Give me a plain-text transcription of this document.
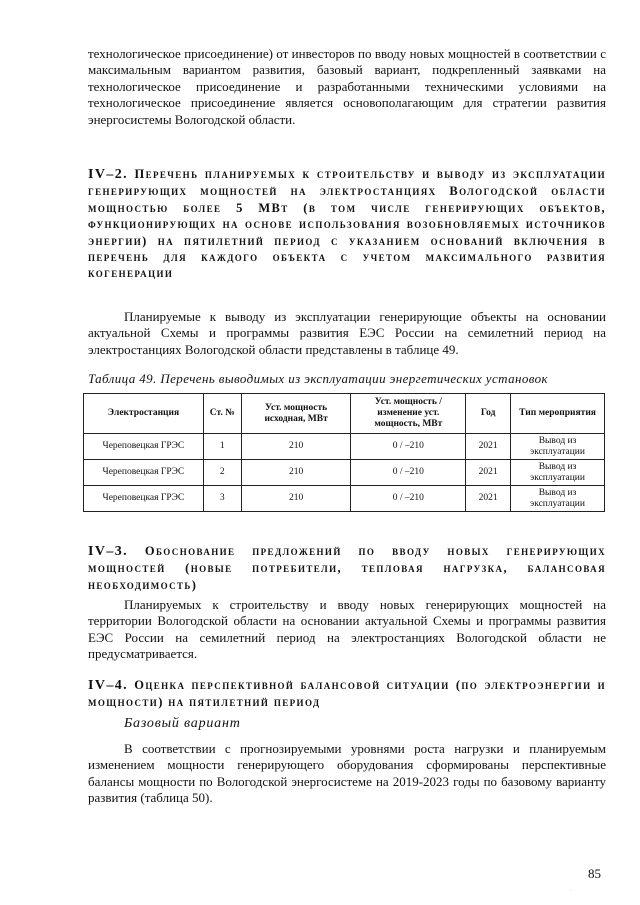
технологическое присоединение) от инвесторов по вводу новых мощностей в соответствии с максимальным вариантом развития, базовый вариант, подкрепленный заявками на технологическое присоединение и разработанными техническими условиями на технологическое присоединение является основополагающим для стратегии развития энергосистемы Вологодской области.

IV–2. Перечень планируемых к строительству и выводу из эксплуатации генерирующих мощностей на электростанциях Вологодской области мощностью более 5 МВт (в том числе генерирующих объектов, функционирующих на основе использования возобновляемых источников энергии) на пятилетний период с указанием оснований включения в перечень для каждого объекта с учетом максимального развития когенерации

Планируемые к выводу из эксплуатации генерирующие объекты на основании актуальной Схемы и программы развития ЕЭС России на семилетний период на электростанциях Вологодской области представлены в таблице 49.

Таблица 49. Перечень выводимых из эксплуатации энергетических установок

Электростанция	Ст. №	Уст. мощность исходная, МВт	Уст. мощность / изменение уст. мощность, МВт	Год	Тип мероприятия
Череповецкая ГРЭС	1	210	0 / –210	2021	Вывод из эксплуатации
Череповецкая ГРЭС	2	210	0 / –210	2021	Вывод из эксплуатации
Череповецкая ГРЭС	3	210	0 / –210	2021	Вывод из эксплуатации
IV–3. Обоснование предложений по вводу новых генерирующих мощностей (новые потребители, тепловая нагрузка, балансовая необходимость)

Планируемых к строительству и вводу новых генерирующих мощностей на территории Вологодской области на основании актуальной Схемы и программы развития ЕЭС России на семилетний период на электростанциях Вологодской области не предусматривается.

IV–4. Оценка перспективной балансовой ситуации (по электроэнергии и мощности) на пятилетний период

Базовый вариант

В соответствии с прогнозируемыми уровнями роста нагрузки и планируемым изменением мощности генерирующего оборудования сформированы перспективные балансы мощности по Вологодской энергосистеме на 2019-2023 годы по базовому варианту развития (таблица 50).

85
·
